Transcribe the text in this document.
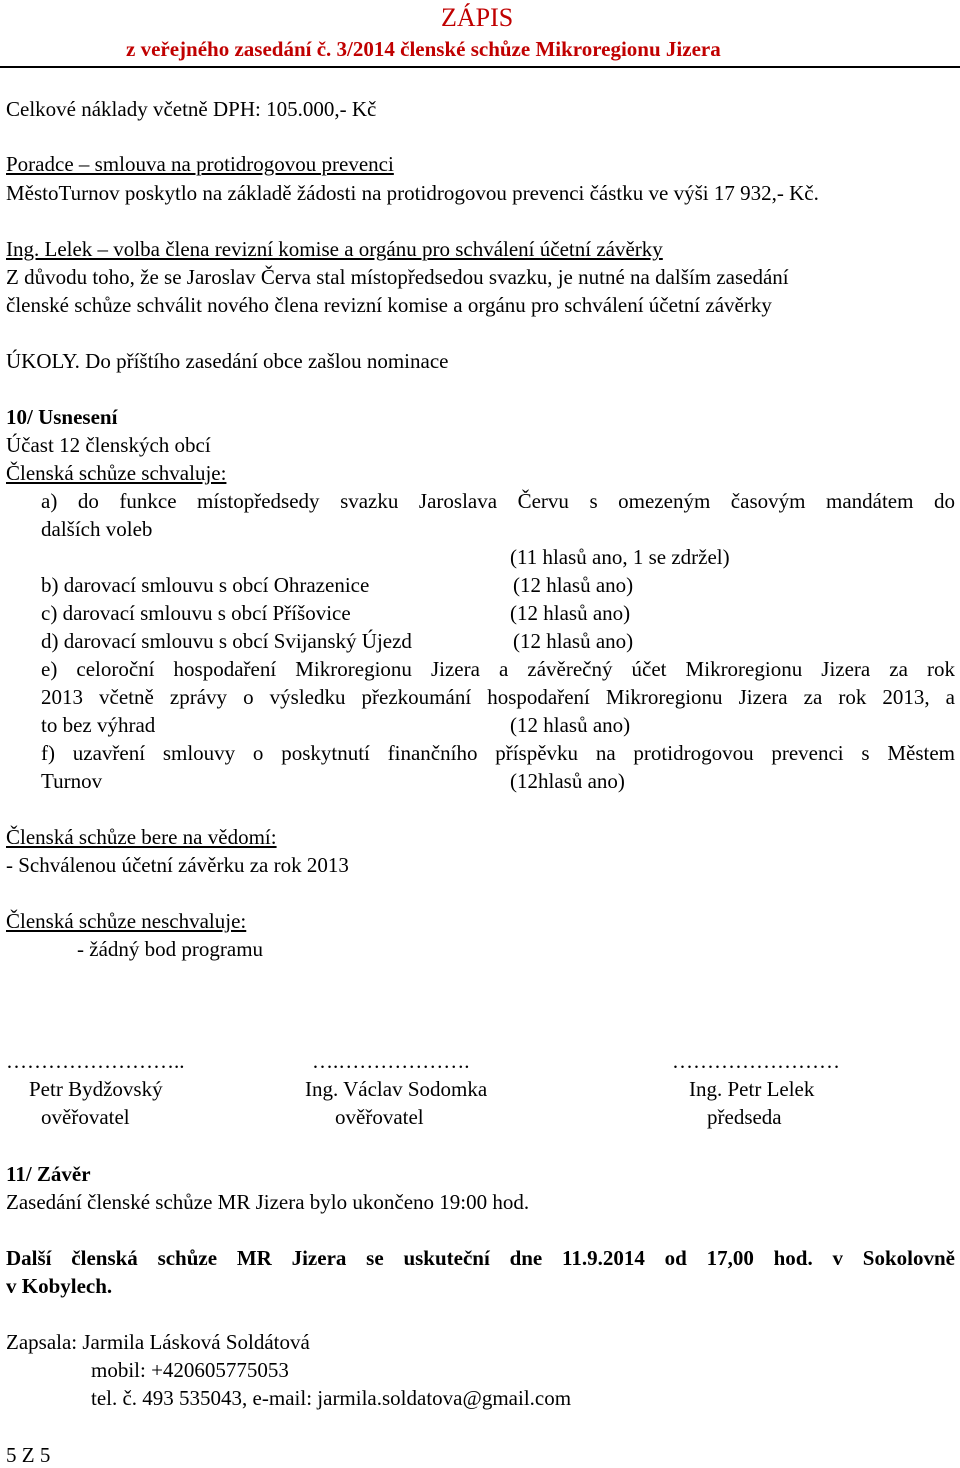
ZÁPIS
z veřejného zasedání č. 3/2014 členské schůze Mikroregionu Jizera
Celkové náklady včetně DPH: 105.000,- Kč
Poradce – smlouva na protidrogovou prevenci
MěstoTurnov poskytlo na základě žádosti na protidrogovou prevenci částku ve výši 17 932,- Kč.
Ing. Lelek – volba člena revizní komise a orgánu pro schválení účetní závěrky
Z důvodu toho, že se Jaroslav Červa stal místopředsedou svazku, je nutné na dalším zasedání
členské schůze schválit nového člena revizní komise a orgánu pro schválení účetní závěrky
ÚKOLY. Do příštího zasedání obce zašlou nominace
10/ Usnesení
Účast 12 členských obcí
Členská schůze schvaluje:
a) do funkce místopředsedy svazku Jaroslava Červu s omezeným časovým mandátem do
dalších voleb
(11 hlasů ano, 1 se zdržel)
b) darovací smlouvu s obcí Ohrazenice	(12 hlasů ano)
c) darovací smlouvu s obcí Příšovice	(12 hlasů ano)
d) darovací smlouvu s obcí Svijanský Újezd	(12 hlasů ano)
e) celoroční hospodaření Mikroregionu Jizera a závěrečný účet Mikroregionu Jizera za rok
2013 včetně zprávy o výsledku přezkoumání hospodaření Mikroregionu Jizera za rok 2013, a
to bez výhrad	(12 hlasů ano)
f) uzavření smlouvy o poskytnutí finančního příspěvku na protidrogovou prevenci s Městem
Turnov	(12hlasů ano)
Členská schůze bere na vědomí:
- Schválenou účetní závěrku za rok 2013
Členská schůze neschvaluje:
- žádný bod programu
……………………..	….……………….	……………………
Petr Bydžovský	Ing. Václav Sodomka	Ing. Petr Lelek
ověřovatel	ověřovatel	předseda
11/ Závěr
Zasedání členské schůze MR Jizera bylo ukončeno 19:00 hod.
Další členská schůze MR Jizera se uskuteční dne 11.9.2014 od 17,00 hod. v Sokolovně
v Kobylech.
Zapsala: Jarmila Lásková Soldátová
mobil: +420605775053
tel. č. 493 535043, e-mail: jarmila.soldatova@gmail.com
5 Z 5
